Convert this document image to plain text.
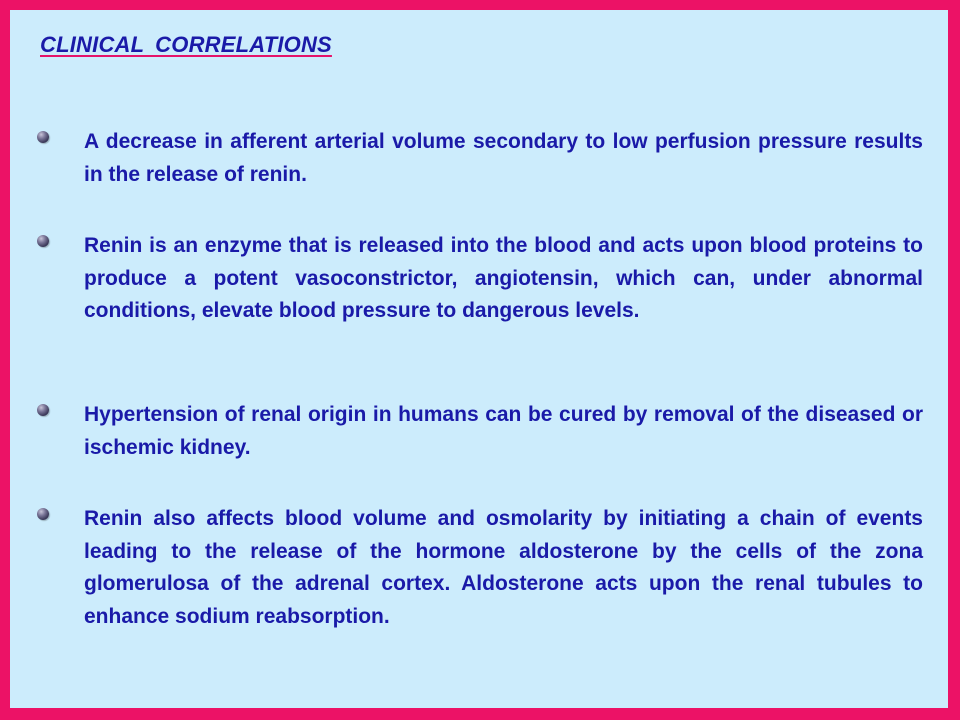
CLINICAL CORRELATIONS

A decrease in afferent arterial volume secondary to low perfusion pressure results in the release of renin.

Renin is an enzyme that is released into the blood and acts upon blood proteins to produce a potent vasoconstrictor, angiotensin, which can, under abnormal conditions, elevate blood pressure to dangerous levels.

Hypertension of renal origin in humans can be cured by removal of the diseased or ischemic kidney.

Renin also affects blood volume and osmolarity by initiating a chain of events leading to the release of the hormone aldosterone by the cells of the zona glomerulosa of the adrenal cortex. Aldosterone acts upon the renal tubules to enhance sodium reabsorption.
